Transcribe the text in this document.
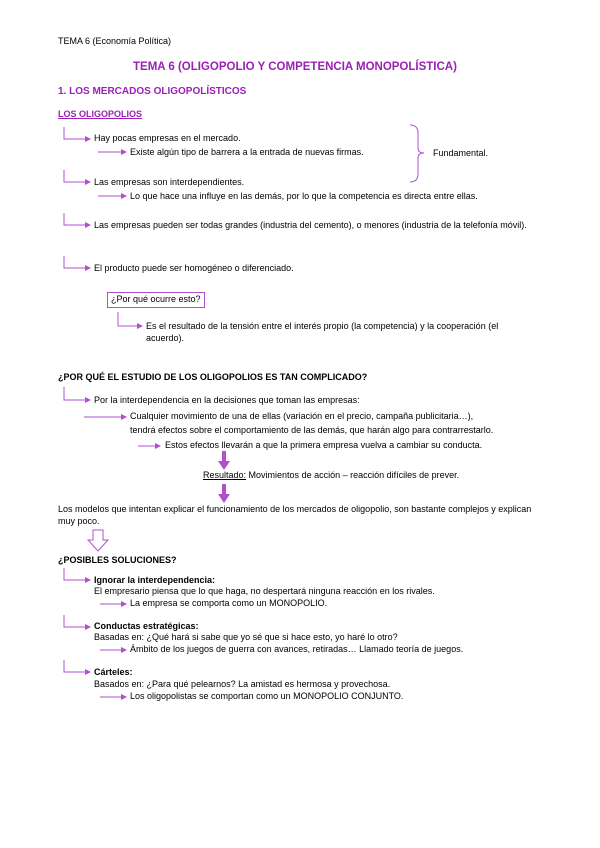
TEMA 6 (Economía Política)
TEMA 6 (OLIGOPOLIO Y COMPETENCIA MONOPOLÍSTICA)
1. LOS MERCADOS OLIGOPOLÍSTICOS
LOS OLIGOPOLIOS
Hay pocas empresas en el mercado.
Existe algún tipo de barrera a la entrada de nuevas firmas.	Fundamental.
Las empresas son interdependientes.
Lo que hace una influye en las demás, por lo que la competencia es directa entre ellas.
Las empresas pueden ser todas grandes (industria del cemento), o menores (industria de la telefonía móvil).
El producto puede ser homogéneo o diferenciado.
¿Por qué ocurre esto?
Es el resultado de la tensión entre el interés propio (la competencia) y la cooperación (el acuerdo).
¿POR QUÉ EL ESTUDIO DE LOS OLIGOPOLIOS ES TAN COMPLICADO?
Por la interdependencia en la decisiones que toman las empresas:
Cualquier movimiento de una de ellas (variación en el precio, campaña publicitaria…),
tendrá efectos sobre el comportamiento de las demás, que harán algo para contrarrestarlo.
Estos efectos llevarán a que la primera empresa vuelva a cambiar su conducta.
Resultado: Movimientos de acción – reacción difíciles de prever.
Los modelos que intentan explicar el funcionamiento de los mercados de oligopolio, son bastante complejos y explican muy poco.
¿POSIBLES SOLUCIONES?
Ignorar la interdependencia:
El empresario piensa que lo que haga, no despertará ninguna reacción en los rivales.
La empresa se comporta como un MONOPOLIO.
Conductas estratégicas:
Basadas en: ¿Qué hará si sabe que yo sé que si hace esto, yo haré lo otro?
Ámbito de los juegos de guerra con avances, retiradas… Llamado teoría de juegos.
Cárteles:
Basados en: ¿Para qué pelearnos? La amistad es hermosa y provechosa.
Los oligopolistas se comportan como un MONOPOLIO CONJUNTO.
